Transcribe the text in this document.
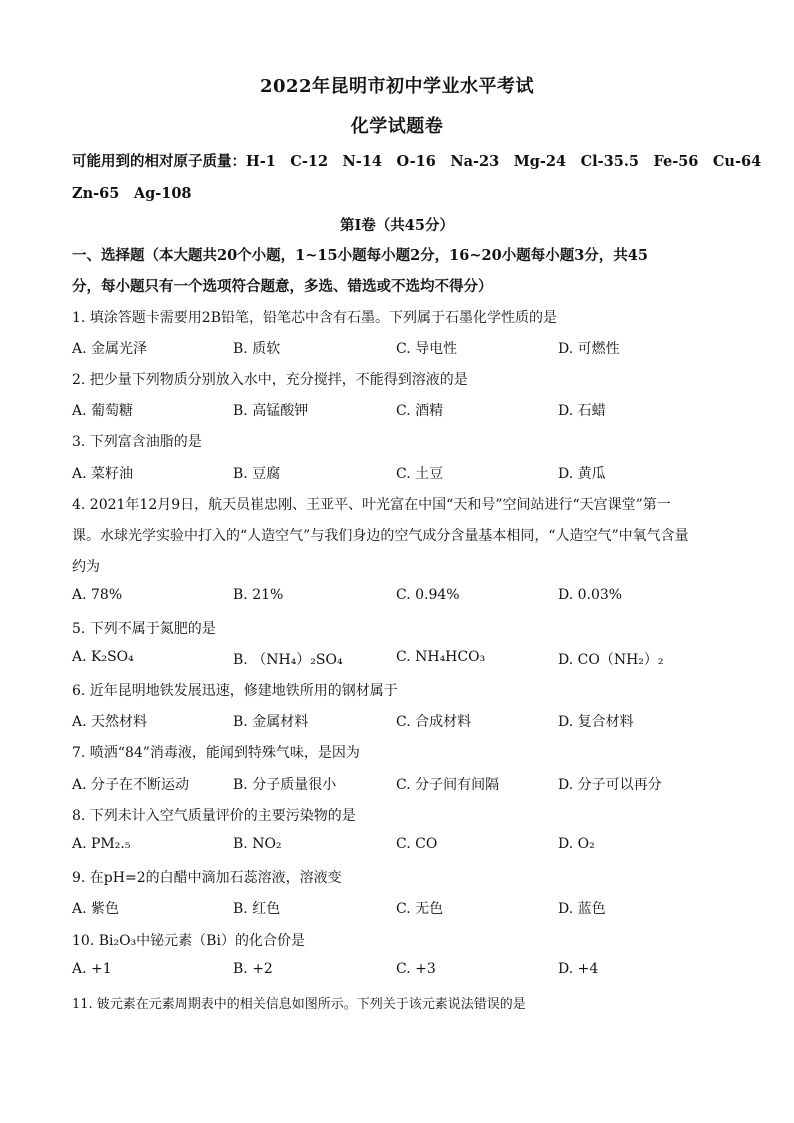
2022年昆明市初中学业水平考试
化学试题卷
可能用到的相对原子质量：H-1　C-12　N-14　O-16　Na-23　Mg-24　Cl-35.5　Fe-56　Cu-64
Zn-65　Ag-108
第Ⅰ卷（共45分）
一、选择题（本大题共20个小题，1~15小题每小题2分，16~20小题每小题3分，共45
分，每小题只有一个选项符合题意，多选、错选或不选均不得分）
1. 填涂答题卡需要用2B铅笔，铅笔芯中含有石墨。下列属于石墨化学性质的是
A. 金属光泽	B. 质软	C. 导电性	D. 可燃性
2. 把少量下列物质分别放入水中，充分搅拌，不能得到溶液的是
A. 葡萄糖	B. 高锰酸钾	C. 酒精	D. 石蜡
3. 下列富含油脂的是
A. 菜籽油	B. 豆腐	C. 土豆	D. 黄瓜
4. 2021年12月9日，航天员崔忠刚、王亚平、叶光富在中国“天和号”空间站进行“天宫课堂”第一
课。水球光学实验中打入的“人造空气”与我们身边的空气成分含量基本相同，“人造空气”中氧气含量
约为
A. 78%	B. 21%	C. 0.94%	D. 0.03%
5. 下列不属于氮肥的是
A. K₂SO₄	B. （NH₄）₂SO₄	C. NH₄HCO₃	D. CO（NH₂）₂
6. 近年昆明地铁发展迅速，修建地铁所用的钢材属于
A. 天然材料	B. 金属材料	C. 合成材料	D. 复合材料
7. 喷洒“84”消毒液，能闻到特殊气味，是因为
A. 分子在不断运动	B. 分子质量很小	C. 分子间有间隔	D. 分子可以再分
8. 下列未计入空气质量评价的主要污染物的是
A. PM₂.₅	B. NO₂	C. CO	D. O₂
9. 在pH=2的白醋中滴加石蕊溶液，溶液变
A. 紫色	B. 红色	C. 无色	D. 蓝色
10. Bi₂O₃中铋元素（Bi）的化合价是
A. +1	B. +2	C. +3	D. +4
11. 铍元素在元素周期表中的相关信息如图所示。下列关于该元素说法错误的是
